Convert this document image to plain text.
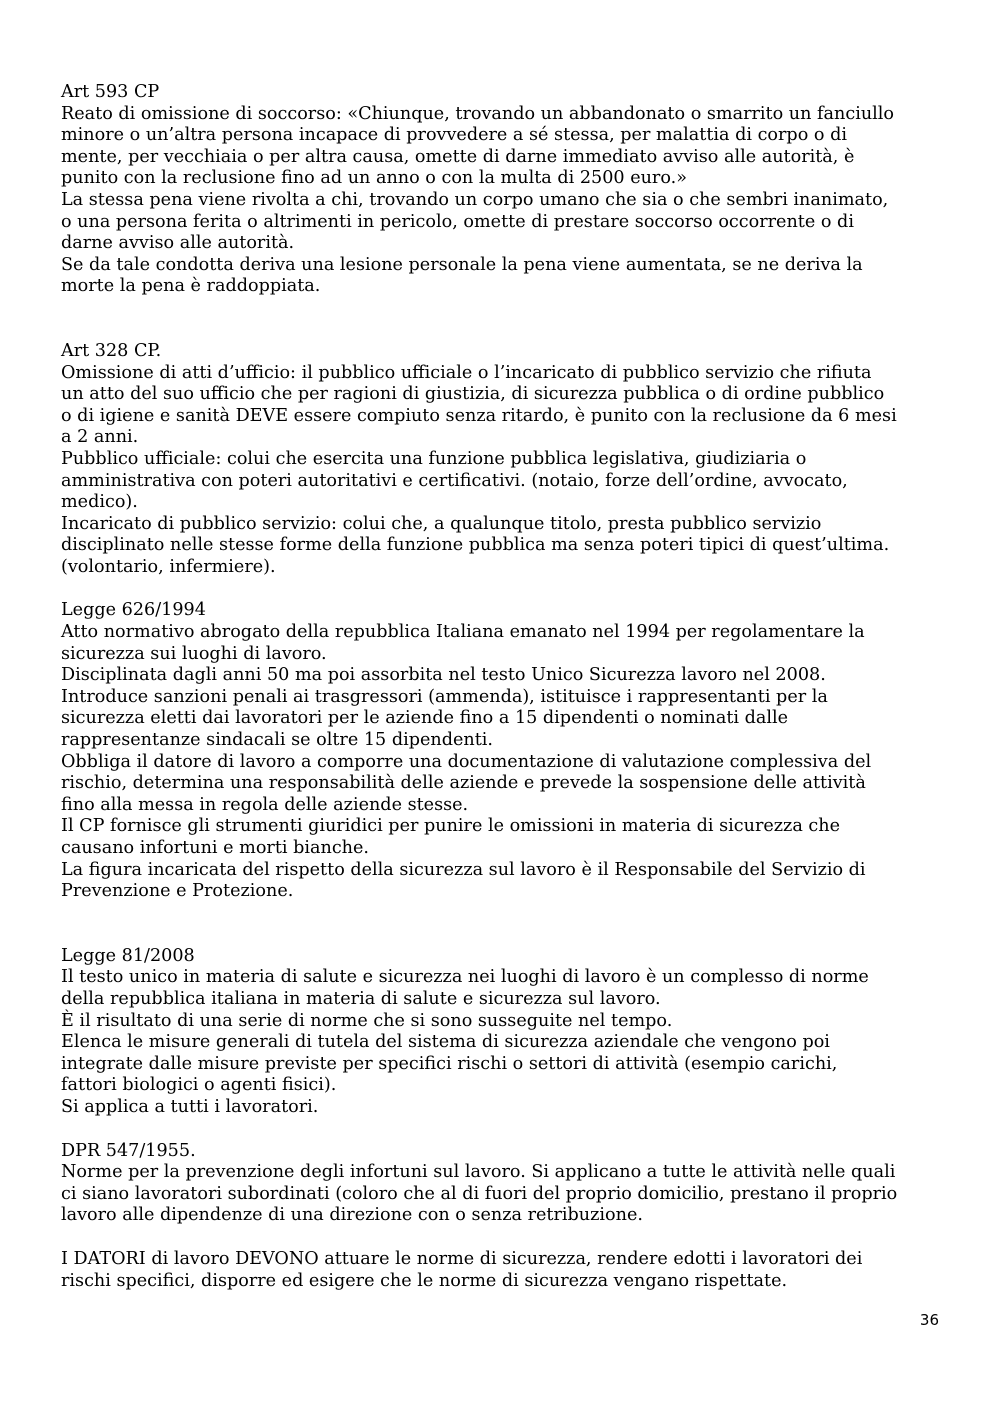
Art 593 CP
Reato di omissione di soccorso: «Chiunque, trovando un abbandonato o smarrito un fanciullo
minore o un’altra persona incapace di provvedere a sé stessa, per malattia di corpo o di
mente, per vecchiaia o per altra causa, omette di darne immediato avviso alle autorità, è
punito con la reclusione fino ad un anno o con la multa di 2500 euro.»
La stessa pena viene rivolta a chi, trovando un corpo umano che sia o che sembri inanimato,
o una persona ferita o altrimenti in pericolo, omette di prestare soccorso occorrente o di
darne avviso alle autorità.
Se da tale condotta deriva una lesione personale la pena viene aumentata, se ne deriva la
morte la pena è raddoppiata.
Art 328 CP.
Omissione di atti d’ufficio: il pubblico ufficiale o l’incaricato di pubblico servizio che rifiuta
un atto del suo ufficio che per ragioni di giustizia, di sicurezza pubblica o di ordine pubblico
o di igiene e sanità DEVE essere compiuto senza ritardo, è punito con la reclusione da 6 mesi
a 2 anni.
Pubblico ufficiale: colui che esercita una funzione pubblica legislativa, giudiziaria o
amministrativa con poteri autoritativi e certificativi. (notaio, forze dell’ordine, avvocato,
medico).
Incaricato di pubblico servizio: colui che, a qualunque titolo, presta pubblico servizio
disciplinato nelle stesse forme della funzione pubblica ma senza poteri tipici di quest’ultima.
(volontario, infermiere).
Legge 626/1994
Atto normativo abrogato della repubblica Italiana emanato nel 1994 per regolamentare la
sicurezza sui luoghi di lavoro.
Disciplinata dagli anni 50 ma poi assorbita nel testo Unico Sicurezza lavoro nel 2008.
Introduce sanzioni penali ai trasgressori (ammenda), istituisce i rappresentanti per la
sicurezza eletti dai lavoratori per le aziende fino a 15 dipendenti o nominati dalle
rappresentanze sindacali se oltre 15 dipendenti.
Obbliga il datore di lavoro a comporre una documentazione di valutazione complessiva del
rischio, determina una responsabilità delle aziende e prevede la sospensione delle attività
fino alla messa in regola delle aziende stesse.
Il CP fornisce gli strumenti giuridici per punire le omissioni in materia di sicurezza che
causano infortuni e morti bianche.
La figura incaricata del rispetto della sicurezza sul lavoro è il Responsabile del Servizio di
Prevenzione e Protezione.
Legge 81/2008
Il testo unico in materia di salute e sicurezza nei luoghi di lavoro è un complesso di norme
della repubblica italiana in materia di salute e sicurezza sul lavoro.
È il risultato di una serie di norme che si sono susseguite nel tempo.
Elenca le misure generali di tutela del sistema di sicurezza aziendale che vengono poi
integrate dalle misure previste per specifici rischi o settori di attività (esempio carichi,
fattori biologici o agenti fisici).
Si applica a tutti i lavoratori.
DPR 547/1955.
Norme per la prevenzione degli infortuni sul lavoro. Si applicano a tutte le attività nelle quali
ci siano lavoratori subordinati (coloro che al di fuori del proprio domicilio, prestano il proprio
lavoro alle dipendenze di una direzione con o senza retribuzione.
I DATORI di lavoro DEVONO attuare le norme di sicurezza, rendere edotti i lavoratori dei
rischi specifici, disporre ed esigere che le norme di sicurezza vengano rispettate.
36
